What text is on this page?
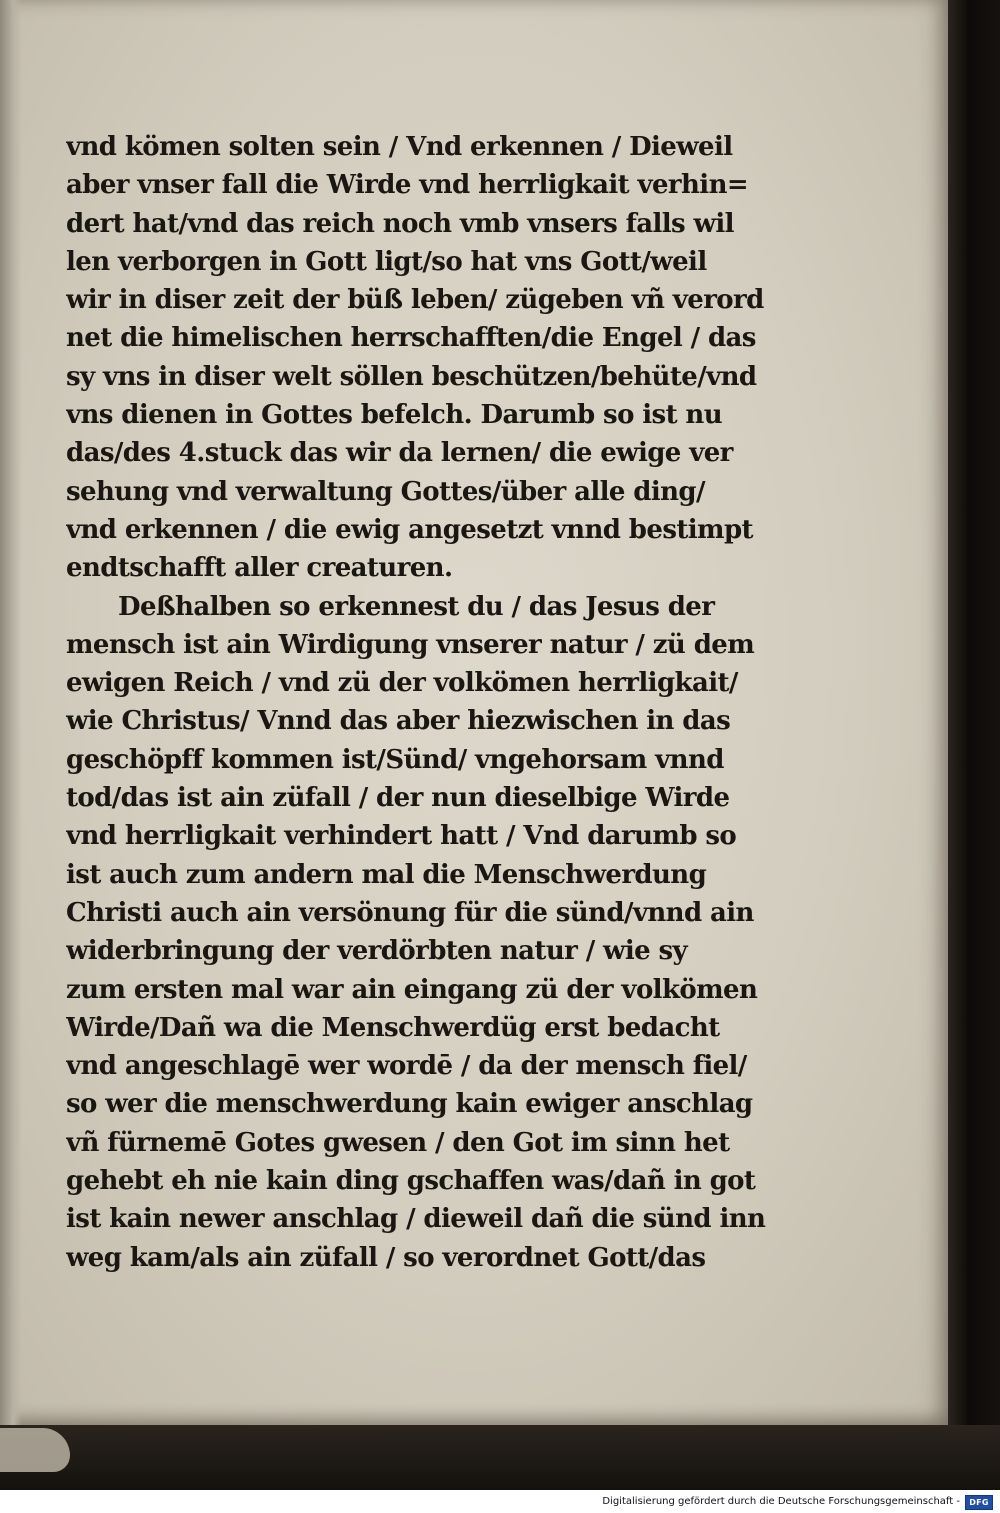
vnd kömen solten sein / Vnd erkennen / Dieweil
aber vnser fall die Wirde vnd herrligkait verhin=
dert hat/vnd das reich noch vmb vnsers falls wil
len verborgen in Gott ligt/so hat vns Gott/weil
wir in diser zeit der büß leben/ zügeben vñ verord
net die himelischen herrschafften/die Engel / das
sy vns in diser welt söllen beschützen/behüte/vnd
vns dienen in Gottes befelch. Darumb so ist nu
das/des 4.stuck das wir da lernen/ die ewige ver
sehung vnd verwaltung Gottes/über alle ding/
vnd erkennen / die ewig angesetzt vnnd bestimpt
endtschafft aller creaturen.
Deßhalben so erkennest du / das Jesus der
mensch ist ain Wirdigung vnserer natur / zü dem
ewigen Reich / vnd zü der volkömen herrligkait/
wie Christus/ Vnnd das aber hiezwischen in das
geschöpff kommen ist/Sünd/ vngehorsam vnnd
tod/das ist ain züfall / der nun dieselbige Wirde
vnd herrligkait verhindert hatt / Vnd darumb so
ist auch zum andern mal die Menschwerdung
Christi auch ain versönung für die sünd/vnnd ain
widerbringung der verdörbten natur / wie sy
zum ersten mal war ain eingang zü der volkömen
Wirde/Dañ wa die Menschwerdüg erst bedacht
vnd angeschlagē wer wordē / da der mensch fiel/
so wer die menschwerdung kain ewiger anschlag
vñ fürnemē Gotes gwesen / den Got im sinn het
gehebt eh nie kain ding gschaffen was/dañ in got
ist kain newer anschlag / dieweil dañ die sünd inn
weg kam/als ain züfall / so verordnet Gott/das
Digitalisierung gefördert durch die Deutsche Forschungsgemeinschaft -	DFG
